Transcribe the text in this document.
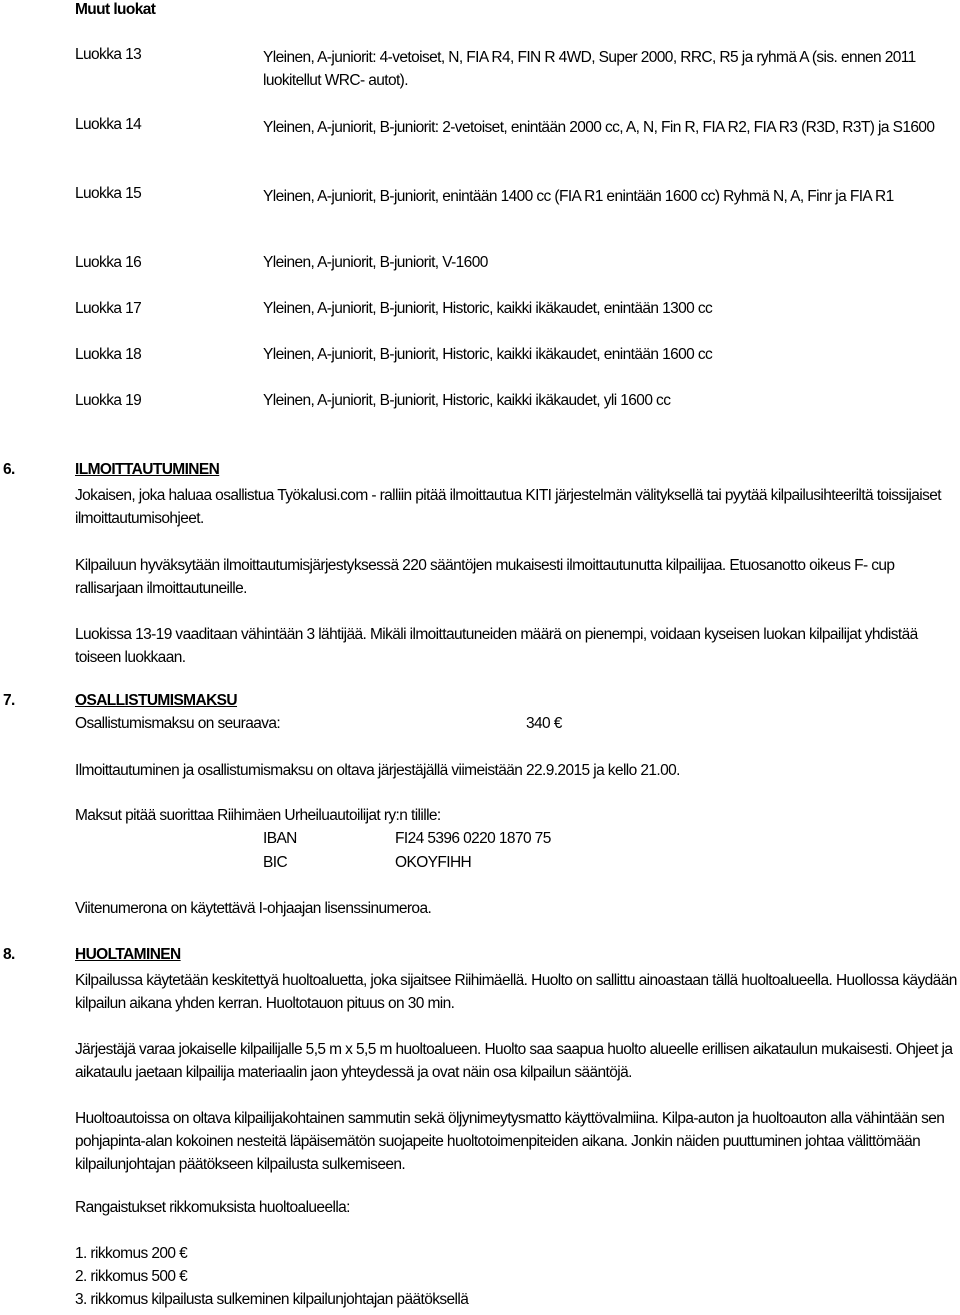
Muut luokat
Luokka 13	Yleinen, A-juniorit: 4-vetoiset, N, FIA R4, FIN R 4WD, Super 2000, RRC, R5 ja ryhmä A (sis. ennen 2011 luokitellut WRC- autot).
Luokka 14	Yleinen, A-juniorit, B-juniorit: 2-vetoiset, enintään 2000 cc, A, N, Fin R, FIA R2, FIA R3 (R3D, R3T) ja S1600
Luokka 15	Yleinen, A-juniorit, B-juniorit, enintään 1400 cc (FIA R1 enintään 1600 cc) Ryhmä N, A, Finr ja FIA R1
Luokka 16	Yleinen, A-juniorit, B-juniorit, V-1600
Luokka 17	Yleinen, A-juniorit, B-juniorit, Historic, kaikki ikäkaudet, enintään 1300 cc
Luokka 18	Yleinen, A-juniorit, B-juniorit, Historic, kaikki ikäkaudet, enintään 1600 cc
Luokka 19	Yleinen, A-juniorit, B-juniorit, Historic, kaikki ikäkaudet, yli 1600 cc
6.	ILMOITTAUTUMINEN
Jokaisen, joka haluaa osallistua Työkalusi.com - ralliin pitää ilmoittautua KITI järjestelmän välityksellä tai pyytää kilpailusihteeriltä toissijaiset ilmoittautumisohjeet.
Kilpailuun hyväksytään ilmoittautumisjärjestyksessä 220 sääntöjen mukaisesti ilmoittautunutta kilpailijaa. Etuosanotto oikeus F- cup rallisarjaan ilmoittautuneille.
Luokissa 13-19 vaaditaan vähintään 3 lähtijää. Mikäli ilmoittautuneiden määrä on pienempi, voidaan kyseisen luokan kilpailijat yhdistää toiseen luokkaan.
7.	OSALLISTUMISMAKSU
Osallistumismaksu on seuraava:	340 €
Ilmoittautuminen ja osallistumismaksu on oltava järjestäjällä viimeistään 22.9.2015 ja kello 21.00.
Maksut pitää suorittaa Riihimäen Urheiluautoilijat ry:n tilille:
IBAN	FI24 5396 0220 1870 75
BIC	OKOYFIHH
Viitenumerona on käytettävä I-ohjaajan lisenssinumeroa.
8.	HUOLTAMINEN
Kilpailussa käytetään keskitettyä huoltoaluetta, joka sijaitsee Riihimäellä. Huolto on sallittu ainoastaan tällä huoltoalueella. Huollossa käydään kilpailun aikana yhden kerran. Huoltotauon pituus on 30 min.
Järjestäjä varaa jokaiselle kilpailijalle 5,5 m x 5,5 m huoltoalueen. Huolto saa saapua huolto alueelle erillisen aikataulun mukaisesti. Ohjeet ja aikataulu jaetaan kilpailija materiaalin jaon yhteydessä ja ovat näin osa kilpailun sääntöjä.
Huoltoautoissa on oltava kilpailijakohtainen sammutin sekä öljynimeytysmatto käyttövalmiina. Kilpa-auton ja huoltoauton alla vähintään sen pohjapinta-alan kokoinen nesteitä läpäisemätön suojapeite huoltotoimenpiteiden aikana. Jonkin näiden puuttuminen johtaa välittömään kilpailunjohtajan päätökseen kilpailusta sulkemiseen.
Rangaistukset rikkomuksista huoltoalueella:
1. rikkomus 200 €
2. rikkomus 500 €
3. rikkomus kilpailusta sulkeminen kilpailunjohtajan päätöksellä
